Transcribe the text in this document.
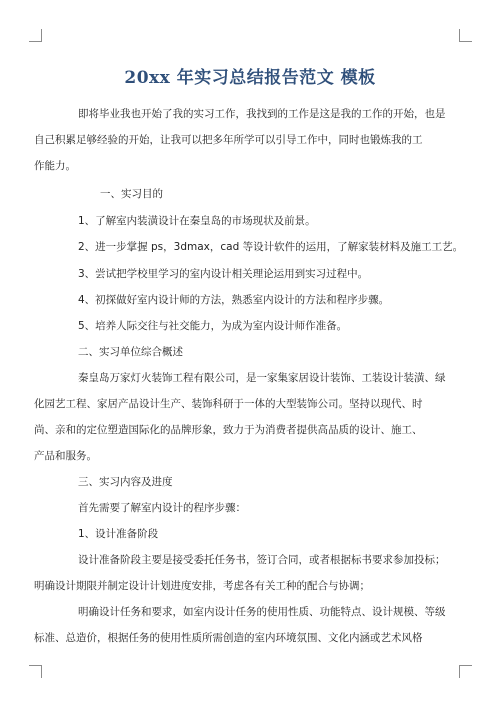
20xx 年实习总结报告范文 模板
即将毕业我也开始了我的实习工作，我找到的工作是这是我的工作的开始，也是
自己积累足够经验的开始，让我可以把多年所学可以引导工作中，同时也锻炼我的工
作能力。
一、实习目的
1、了解室内装潢设计在秦皇岛的市场现状及前景。
2、进一步掌握 ps，3dmax，cad 等设计软件的运用，了解家装材料及施工工艺。
3、尝试把学校里学习的室内设计相关理论运用到实习过程中。
4、初探做好室内设计师的方法，熟悉室内设计的方法和程序步骤。
5、培养人际交往与社交能力，为成为室内设计师作准备。
二、实习单位综合概述
秦皇岛万家灯火装饰工程有限公司，是一家集家居设计装饰、工装设计装潢、绿
化园艺工程、家居产品设计生产、装饰科研于一体的大型装饰公司。坚持以现代、时
尚、亲和的定位塑造国际化的品牌形象，致力于为消费者提供高品质的设计、施工、
产品和服务。
三、实习内容及进度
首先需要了解室内设计的程序步骤：
1、设计准备阶段
设计准备阶段主要是接受委托任务书，签订合同，或者根据标书要求参加投标；
明确设计期限并制定设计计划进度安排，考虑各有关工种的配合与协调；
明确设计任务和要求，如室内设计任务的使用性质、功能特点、设计规模、等级
标准、总造价，根据任务的使用性质所需创造的室内环境氛围、文化内涵或艺术风格
